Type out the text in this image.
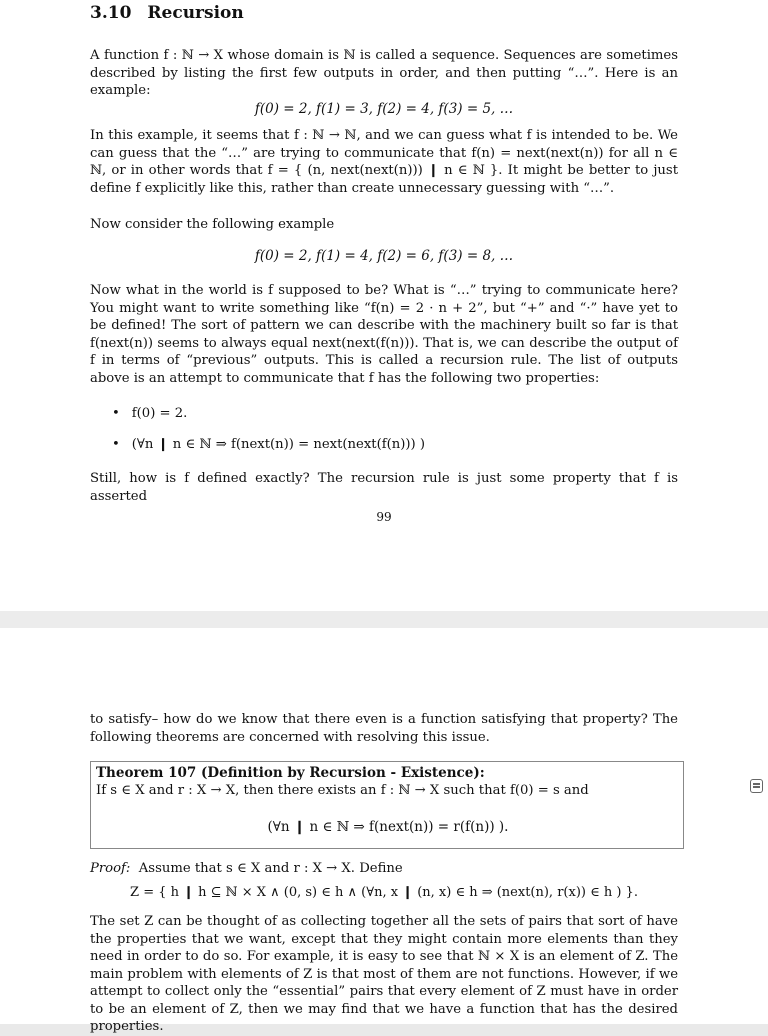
3.10 Recursion
A function f : ℕ → X whose domain is ℕ is called a sequence. Sequences are sometimes described by listing the first few outputs in order, and then putting “…”. Here is an example:
f(0) = 2, f(1) = 3, f(2) = 4, f(3) = 5, …
In this example, it seems that f : ℕ → ℕ, and we can guess what f is intended to be. We can guess that the “…” are trying to communicate that f(n) = next(next(n)) for all n ∈ ℕ, or in other words that f = { (n, next(next(n))) ❙ n ∈ ℕ }. It might be better to just define f explicitly like this, rather than create unnecessary guessing with “…”.
Now consider the following example
f(0) = 2, f(1) = 4, f(2) = 6, f(3) = 8, …
Now what in the world is f supposed to be? What is “…” trying to communicate here? You might want to write something like “f(n) = 2 · n + 2”, but “+” and “·” have yet to be defined! The sort of pattern we can describe with the machinery built so far is that f(next(n)) seems to always equal next(next(f(n))). That is, we can describe the output of f in terms of “previous” outputs. This is called a recursion rule. The list of outputs above is an attempt to communicate that f has the following two properties:
• f(0) = 2.
• (∀n ❙ n ∈ ℕ ⇒ f(next(n)) = next(next(f(n))) )
Still, how is f defined exactly? The recursion rule is just some property that f is asserted
99
to satisfy– how do we know that there even is a function satisfying that property? The following theorems are concerned with resolving this issue.
Theorem 107 (Definition by Recursion - Existence):
If s ∈ X and r : X → X, then there exists an f : ℕ → X such that f(0) = s and
(∀n ❙ n ∈ ℕ ⇒ f(next(n)) = r(f(n)) ).
Proof: Assume that s ∈ X and r : X → X. Define
Z = { h ❙ h ⊆ ℕ × X ∧ (0, s) ∈ h ∧ (∀n, x ❙ (n, x) ∈ h ⇒ (next(n), r(x)) ∈ h ) }.
The set Z can be thought of as collecting together all the sets of pairs that sort of have the properties that we want, except that they might contain more elements than they need in order to do so. For example, it is easy to see that ℕ × X is an element of Z. The main problem with elements of Z is that most of them are not functions. However, if we attempt to collect only the “essential” pairs that every element of Z must have in order to be an element of Z, then we may find that we have a function that has the desired properties.
